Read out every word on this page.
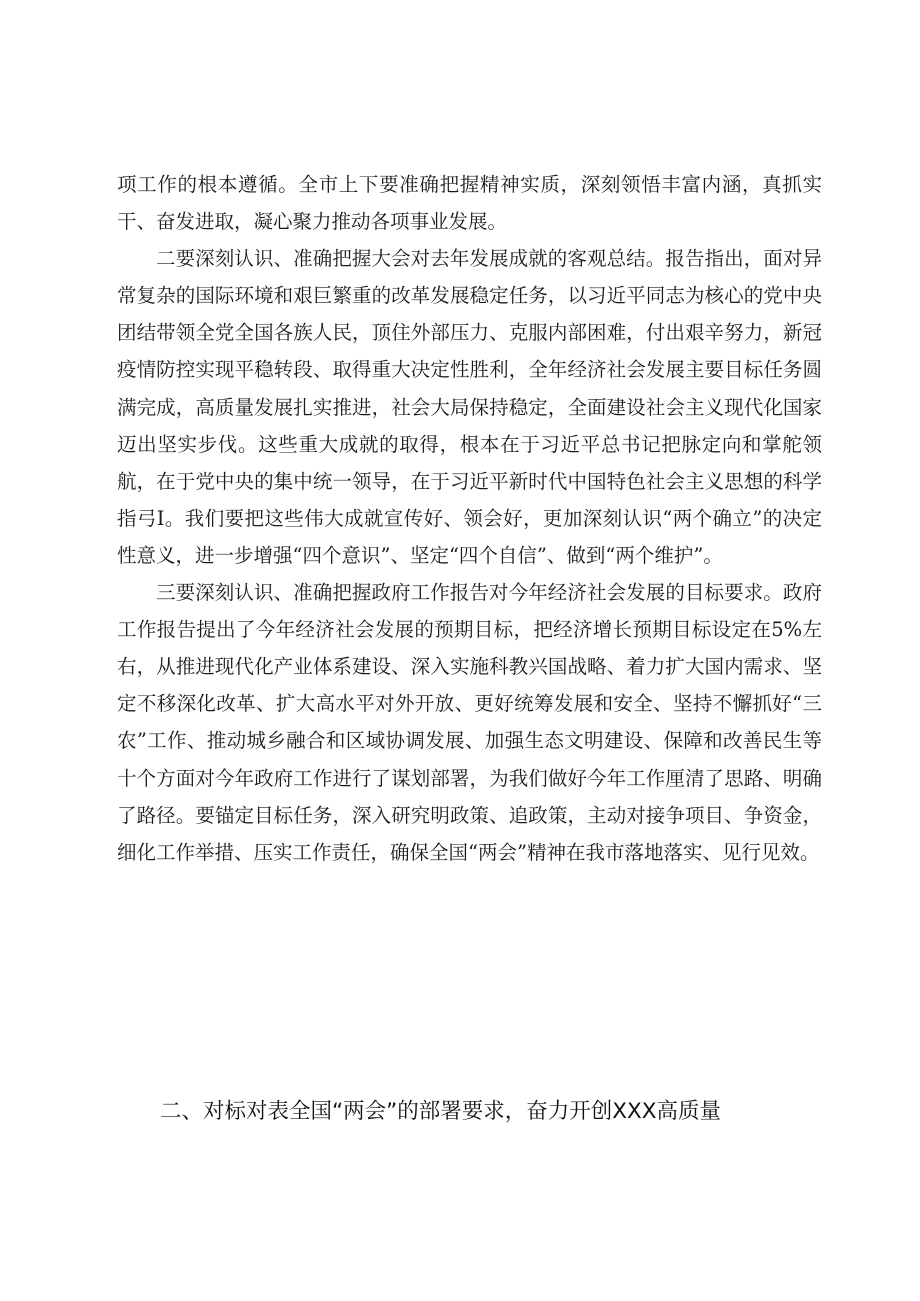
项工作的根本遵循。全市上下要准确把握精神实质，深刻领悟丰富内涵，真抓实干、奋发进取，凝心聚力推动各项事业发展。

二要深刻认识、准确把握大会对去年发展成就的客观总结。报告指出，面对异常复杂的国际环境和艰巨繁重的改革发展稳定任务，以习近平同志为核心的党中央团结带领全党全国各族人民，顶住外部压力、克服内部困难，付出艰辛努力，新冠疫情防控实现平稳转段、取得重大决定性胜利，全年经济社会发展主要目标任务圆满完成，高质量发展扎实推进，社会大局保持稳定，全面建设社会主义现代化国家迈出坚实步伐。这些重大成就的取得，根本在于习近平总书记把脉定向和掌舵领航，在于党中央的集中统一领导，在于习近平新时代中国特色社会主义思想的科学指弓I。我们要把这些伟大成就宣传好、领会好，更加深刻认识“两个确立”的决定性意义，进一步增强“四个意识”、坚定“四个自信”、做到“两个维护”。

三要深刻认识、准确把握政府工作报告对今年经济社会发展的目标要求。政府工作报告提出了今年经济社会发展的预期目标，把经济增长预期目标设定在5%左右，从推进现代化产业体系建设、深入实施科教兴国战略、着力扩大国内需求、坚定不移深化改革、扩大高水平对外开放、更好统筹发展和安全、坚持不懈抓好“三农”工作、推动城乡融合和区域协调发展、加强生态文明建设、保障和改善民生等十个方面对今年政府工作进行了谋划部署，为我们做好今年工作厘清了思路、明确了路径。要锚定目标任务，深入研究明政策、追政策，主动对接争项目、争资金，细化工作举措、压实工作责任，确保全国“两会”精神在我市落地落实、见行见效。

二、对标对表全国“两会”的部署要求，奋力开创XXX高质量
